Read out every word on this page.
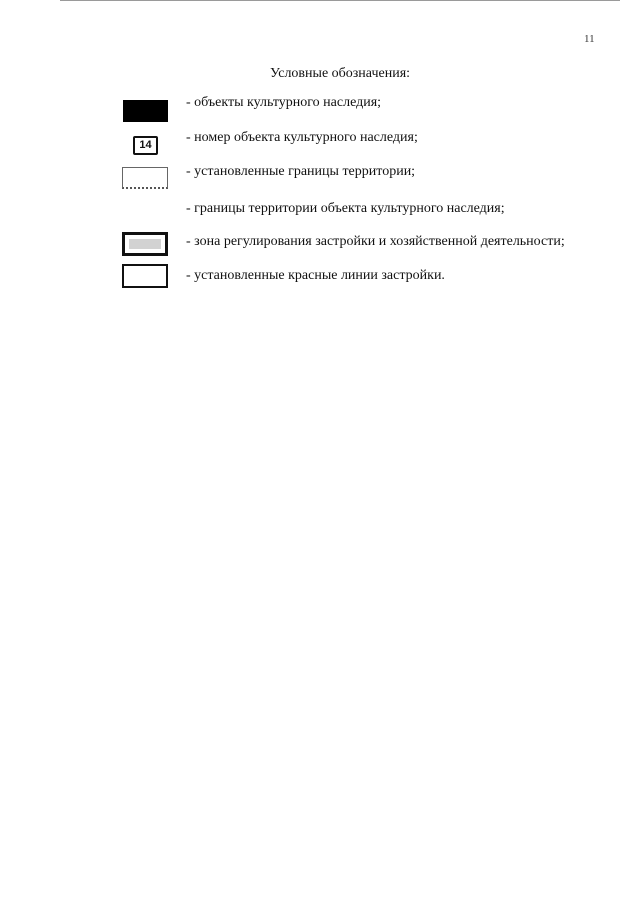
11
Условные обозначения:
- объекты культурного наследия;
14	- номер объекта культурного наследия;
- установленные границы территории;
- границы территории объекта культурного наследия;
- зона регулирования застройки и хозяйственной деятельности;
- установленные красные линии застройки.
